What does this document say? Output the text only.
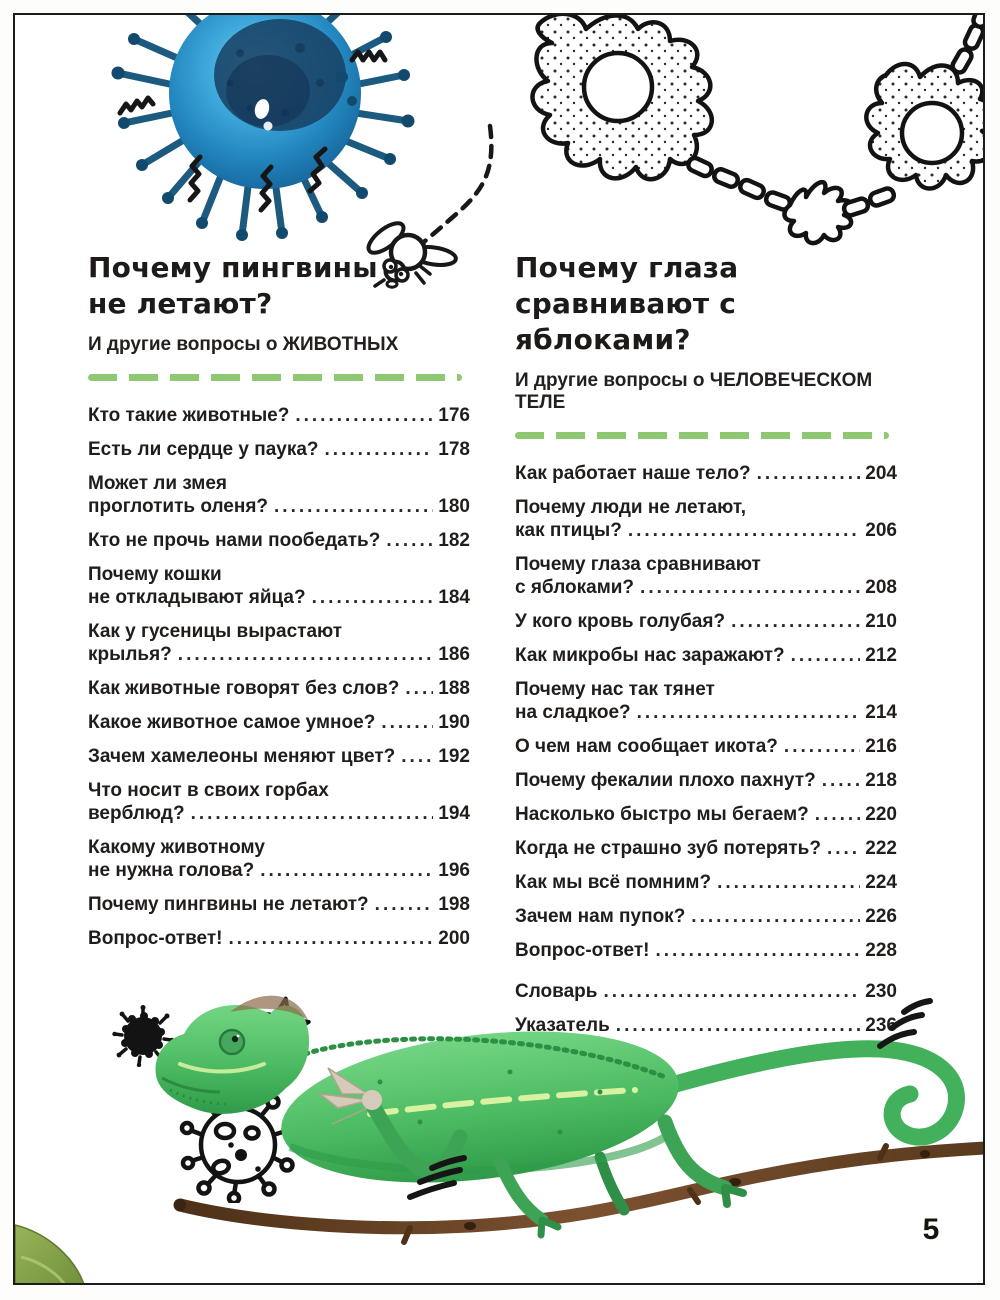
Почему пингвины
не летают?
И другие вопросы о ЖИВОТНЫХ
Кто такие животные? .....	176
Есть ли сердце у паука? .....	178
Может ли змея
проглотить оленя? .....	180
Кто не прочь нами пообедать? .....	182
Почему кошки
не откладывают яйца? .....	184
Как у гусеницы вырастают
крылья? .....	186
Как животные говорят без слов? ..... 188
Какое животное самое умное? .....	190
Зачем хамелеоны меняют цвет? ..... 192
Что носит в своих горбах
верблюд? .....	194
Какому животному
не нужна голова? .....	196
Почему пингвины не летают? .....	198
Вопрос-ответ! .....	200
Почему глаза
сравнивают с яблоками?
И другие вопросы о ЧЕЛОВЕЧЕСКОМ ТЕЛЕ
Как работает наше тело? .....	204
Почему люди не летают,
как птицы? .....	206
Почему глаза сравнивают
с яблоками? .....	208
У кого кровь голубая? .....	210
Как микробы нас заражают? .....	212
Почему нас так тянет
на сладкое? .....	214
О чем нам сообщает икота? .....	216
Почему фекалии плохо пахнут? .....	218
Насколько быстро мы бегаем? .....	220
Когда не страшно зуб потерять? ..... 222
Как мы всё помним? .....	224
Зачем нам пупок? .....	226
Вопрос-ответ! .....	228
Словарь .....	230
Указатель .....	236
5
